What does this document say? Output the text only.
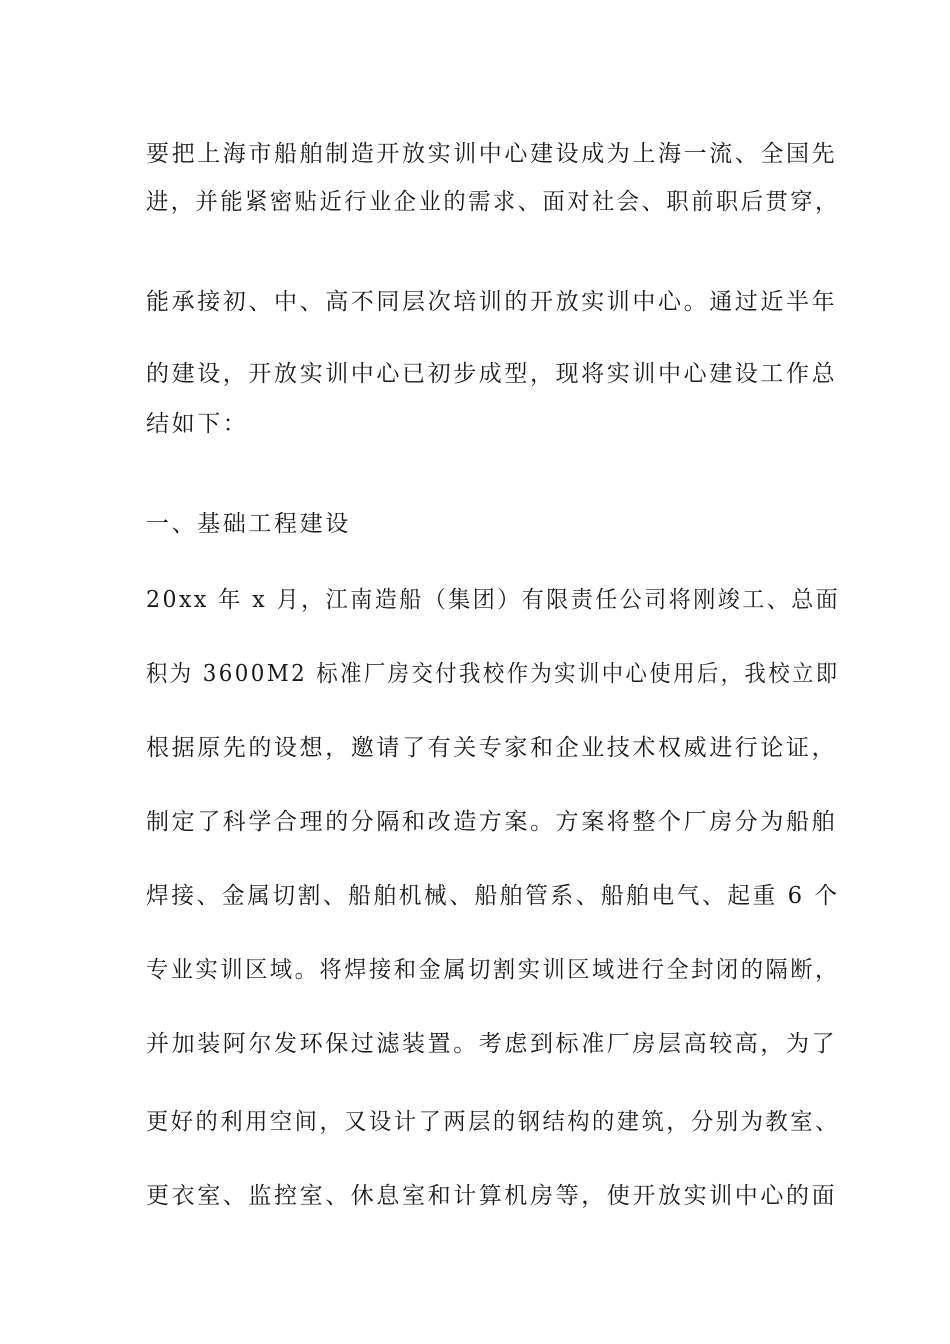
要把上海市船舶制造开放实训中心建设成为上海一流、全国先
进，并能紧密贴近行业企业的需求、面对社会、职前职后贯穿，
能承接初、中、高不同层次培训的开放实训中心。通过近半年
的建设，开放实训中心已初步成型，现将实训中心建设工作总
结如下：
一、基础工程建设
20xx 年 x 月，江南造船（集团）有限责任公司将刚竣工、总面
积为 3600M2 标准厂房交付我校作为实训中心使用后，我校立即
根据原先的设想，邀请了有关专家和企业技术权威进行论证，
制定了科学合理的分隔和改造方案。方案将整个厂房分为船舶
焊接、金属切割、船舶机械、船舶管系、船舶电气、起重 6 个
专业实训区域。将焊接和金属切割实训区域进行全封闭的隔断，
并加装阿尔发环保过滤装置。考虑到标准厂房层高较高，为了
更好的利用空间，又设计了两层的钢结构的建筑，分别为教室、
更衣室、监控室、休息室和计算机房等，使开放实训中心的面
